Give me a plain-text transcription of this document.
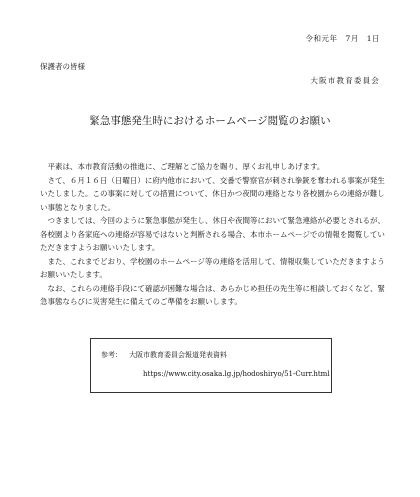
令和元年　7月　1日
保護者の皆様
大阪市教育委員会
緊急事態発生時におけるホームページ閲覧のお願い

平素は、本市教育活動の推進に、ご理解とご協力を賜り、厚くお礼申しあげます。

さて、６月１６日（日曜日）に府内他市において、交番で警察官が刺され拳銃を奪われる事案が発生いたしました。この事案に対しての措置について、休日かつ夜間の連絡となり各校園からの連絡が難しい事態となりました。

つきましては、今回のように緊急事態が発生し、休日や夜間等において緊急連絡が必要とされるが、各校園より各家庭への連絡が容易ではないと判断される場合、本市ホームページでの情報を閲覧していただきますようお願いいたします。

また、これまでどおり、学校園のホームページ等の連絡を活用して、情報収集していただきますようお願いいたします。

なお、これらの連絡手段にて確認が困難な場合は、あらかじめ担任の先生等に相談しておくなど、緊急事態ならびに災害発生に備えてのご準備をお願いします。

参考： 大阪市教育委員会報道発表資料
https://www.city.osaka.lg.jp/hodoshiryo/51-Curr.html
